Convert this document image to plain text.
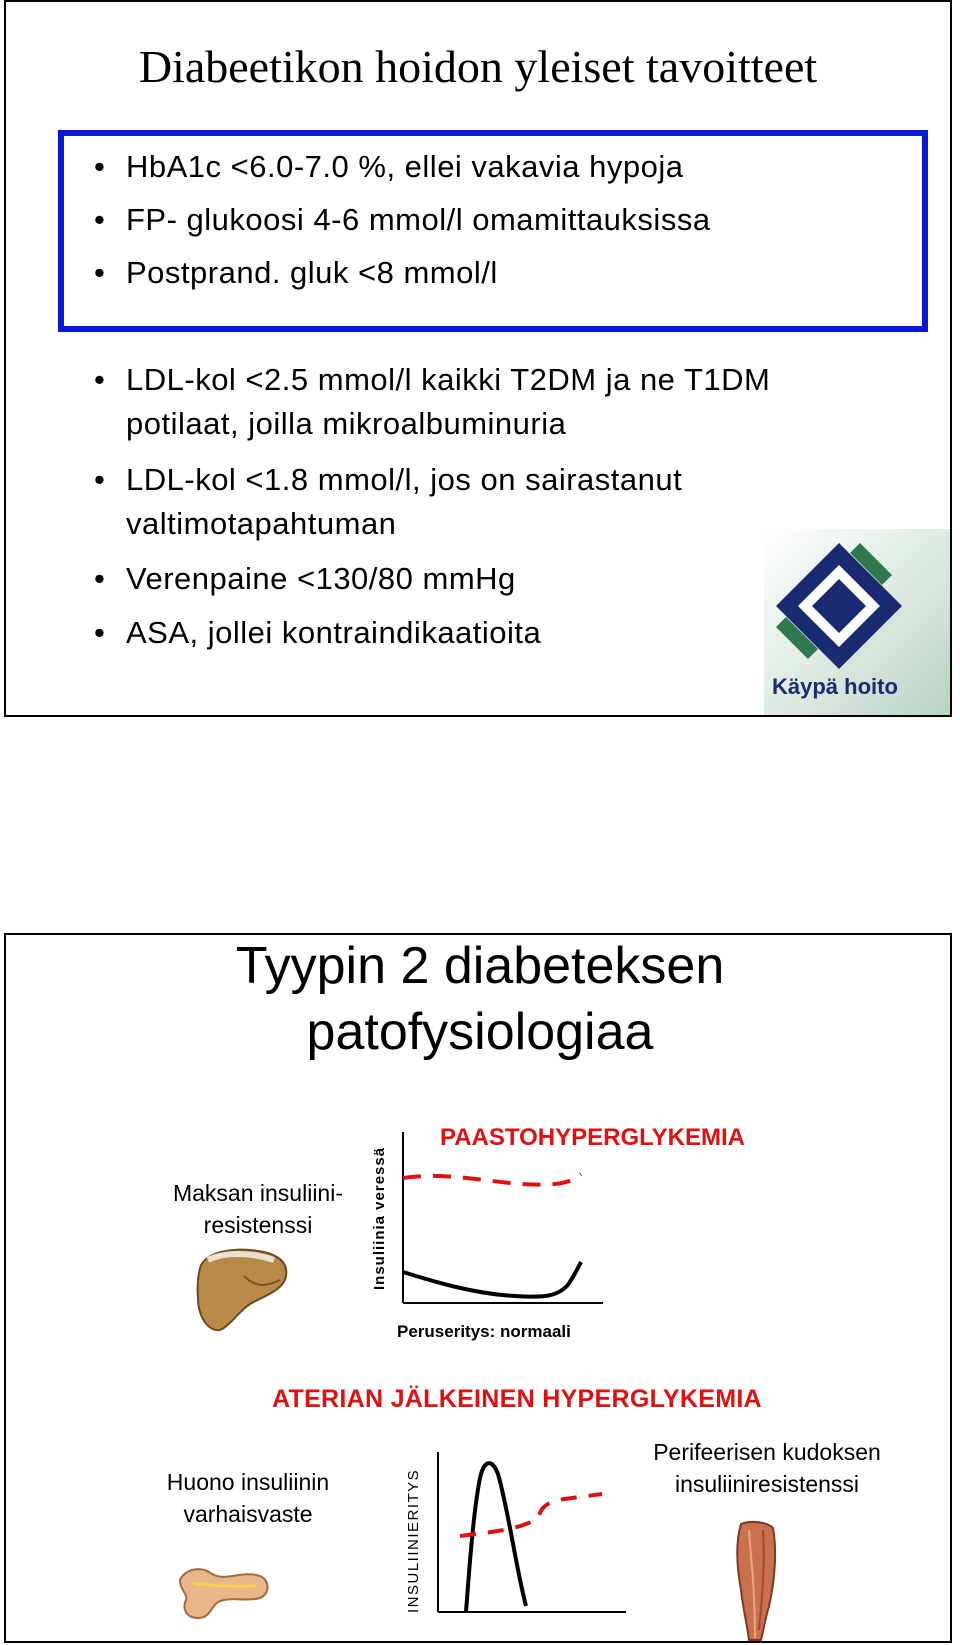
Diabeetikon hoidon yleiset tavoitteet
• HbA1c <6.0-7.0 %, ellei vakavia hypoja
• FP- glukoosi 4-6 mmol/l omamittauksissa
• Postprand. gluk <8 mmol/l
• LDL-kol <2.5 mmol/l kaikki T2DM ja ne T1DM
potilaat, joilla mikroalbuminuria
• LDL-kol <1.8 mmol/l, jos on sairastanut
valtimotapahtuman
• Verenpaine <130/80 mmHg
• ASA, jollei kontraindikaatioita
Käypä hoito
Tyypin 2 diabeteksen
patofysiologiaa
PAASTOHYPERGLYKEMIA
Maksan insuliini-
resistenssi	Insuliinia veressä
Peruseritys: normaali
ATERIAN JÄLKEINEN HYPERGLYKEMIA
Huono insuliinin
varhaisvaste	INSULIINIERITYS
Perifeerisen kudoksen
insuliiniresistenssi
